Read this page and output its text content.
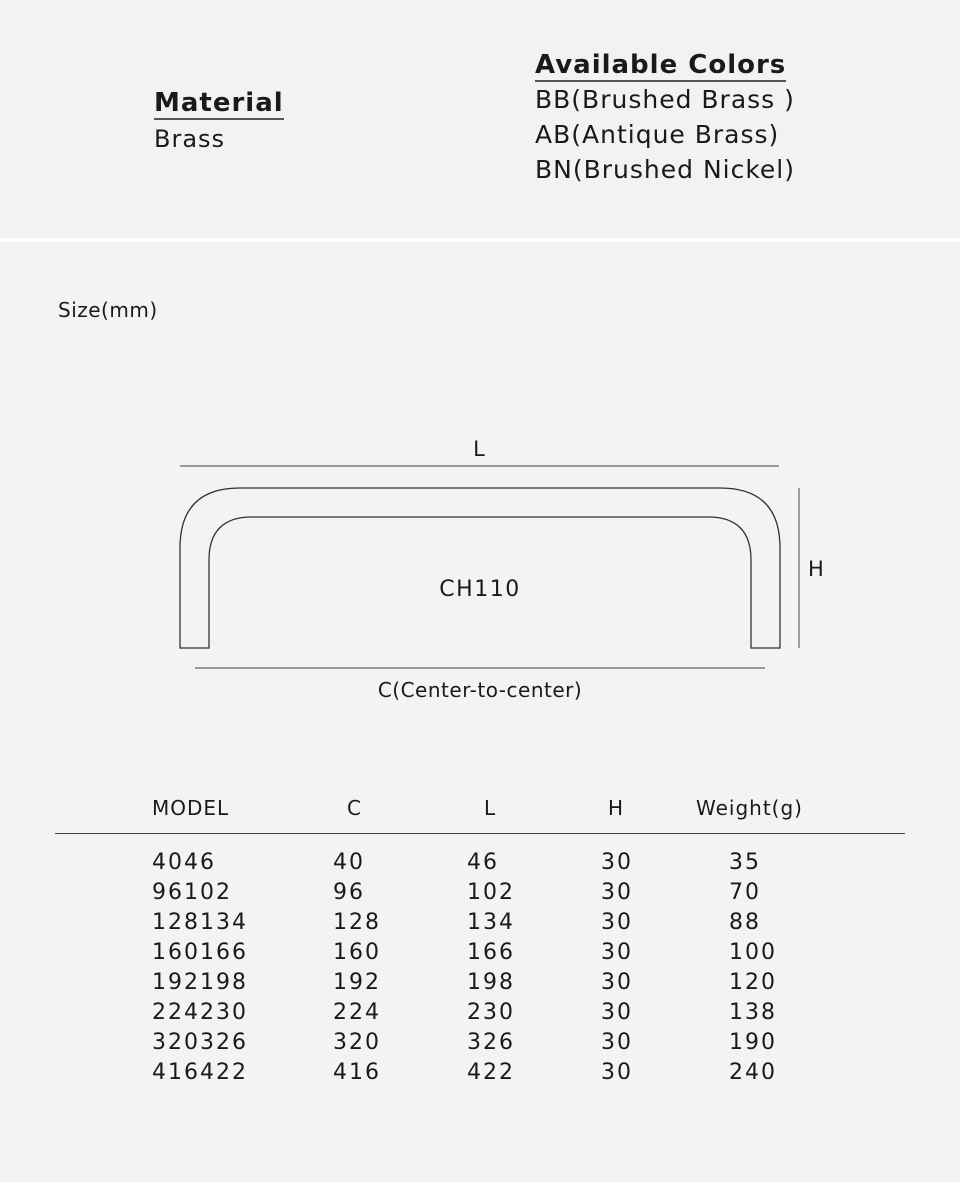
Material
Brass
Available Colors
BB(Brushed Brass )
AB(Antique Brass)
BN(Brushed Nickel)
Size(mm)
L
CH110
H
C(Center-to-center)
MODEL	C	L	H	Weight(g)
4046	40	46	30	35
96102	96	102	30	70
128134	128	134	30	88
160166	160	166	30	100
192198	192	198	30	120
224230	224	230	30	138
320326	320	326	30	190
416422	416	422	30	240
